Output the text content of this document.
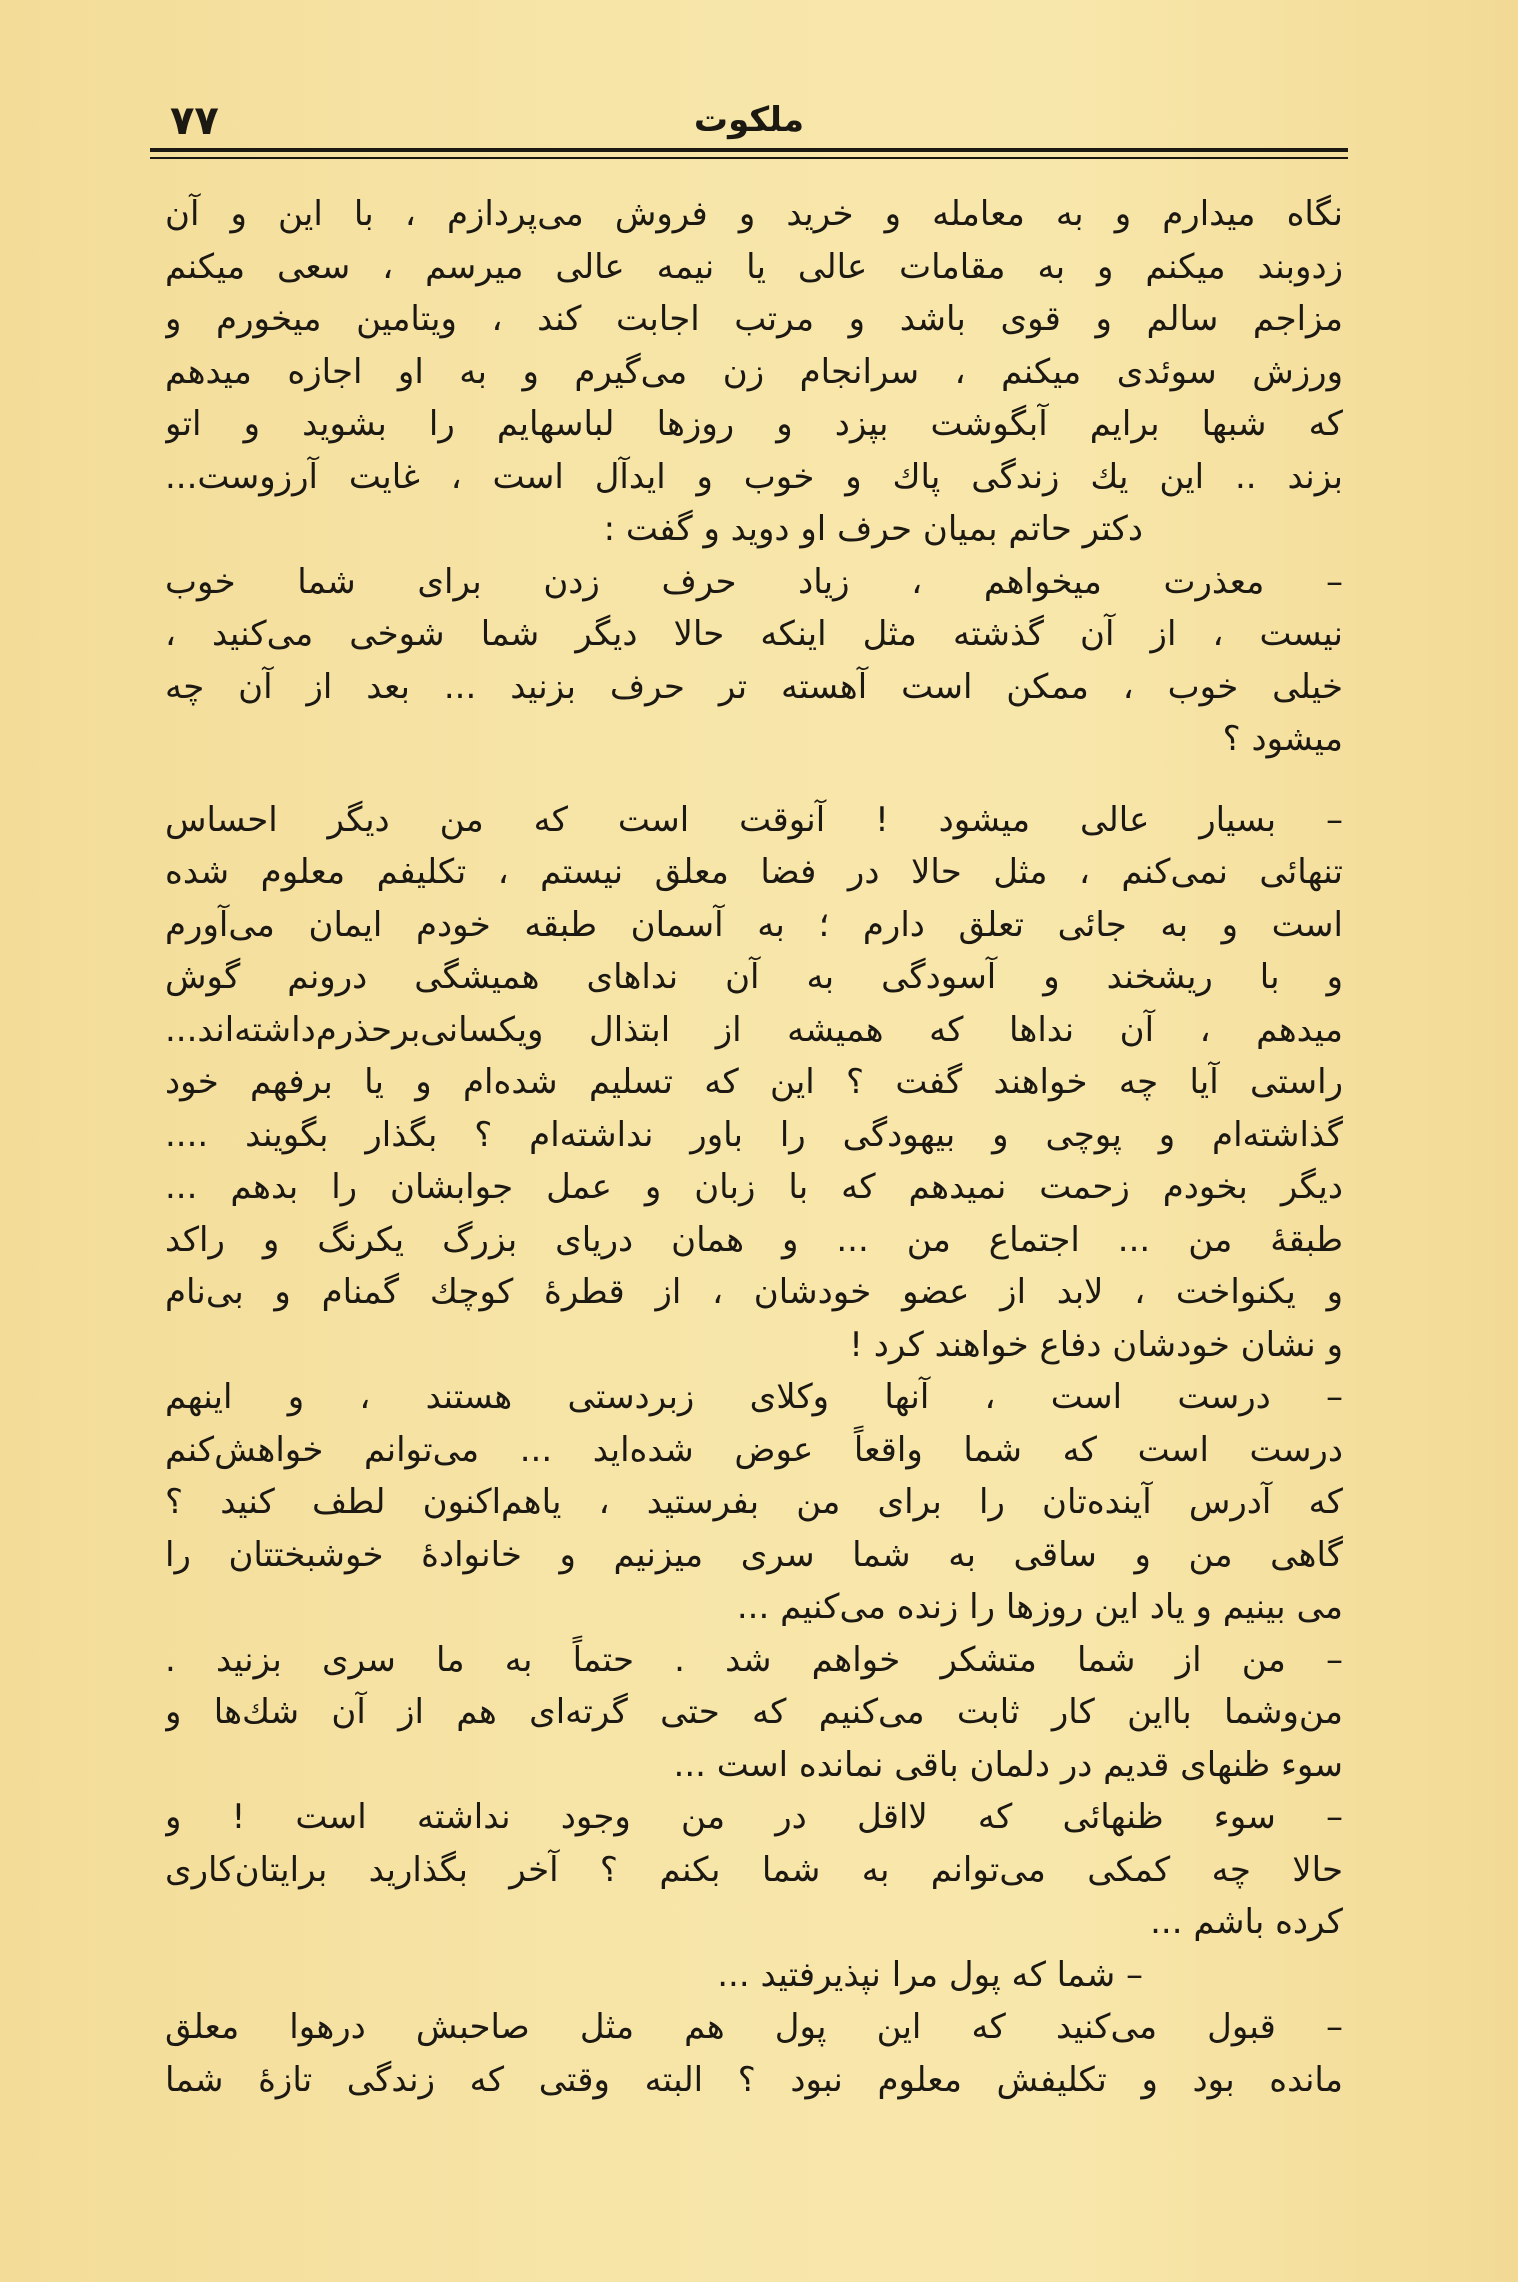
ملکوت
۷۷
نگاه میدارم و به معامله و خرید و فروش می‌پردازم ، با این و آن
زدوبند میکنم و به مقامات عالی یا نیمه عالی میرسم ، سعی میکنم
مزاجم سالم و قوی باشد و مرتب اجابت کند ، ویتامین میخورم و
ورزش سوئدی میکنم ، سرانجام زن می‌گیرم و به او اجازه میدهم
که شبها برایم آبگوشت بپزد و روزها لباسهایم را بشوید و اتو
بزند .. این یك زندگی پاك و خوب و ایدآل است ، غایت آرزوست...
دکتر حاتم بمیان حرف او دوید و گفت :
– معذرت میخواهم ، زیاد حرف زدن برای شما خوب
نیست ، از آن گذشته مثل اینکه حالا دیگر شما شوخی می‌کنید ،
خیلی خوب ، ممکن است آهسته تر حرف بزنید ... بعد از آن چه
میشود ؟
– بسیار عالی میشود ! آنوقت است که من دیگر احساس
تنهائی نمی‌کنم ، مثل حالا در فضا معلق نیستم ، تکلیفم معلوم شده
است و به جائی تعلق دارم ؛ به آسمان طبقه خودم ایمان می‌آورم
و با ریشخند و آسودگی به آن نداهای همیشگی درونم گوش
میدهم ، آن نداها که همیشه از ابتذال ویکسانی‌برحذرم‌داشته‌اند...
راستی آیا چه خواهند گفت ؟ این که تسلیم شده‌ام و یا برفهم خود
گذاشته‌ام و پوچی و بیهودگی را باور نداشته‌ام ؟ بگذار بگویند ....
دیگر بخودم زحمت نمیدهم که با زبان و عمل جوابشان را بدهم ...
طبقهٔ من ... اجتماع من ... و همان دریای بزرگ یکرنگ و راکد
و یکنواخت ، لابد از عضو خودشان ، از قطرهٔ کوچك گمنام و بی‌نام
و نشان خودشان دفاع خواهند کرد !
– درست است ، آنها وکلای زبردستی هستند ، و اینهم
درست است که شما واقعاً عوض شده‌اید ... می‌توانم خواهش‌کنم
که آدرس آینده‌تان را برای من بفرستید ، یاهم‌اکنون لطف کنید ؟
گاهی من و ساقی به شما سری میزنیم و خانوادهٔ خوشبختتان را
می بینیم و یاد این روزها را زنده می‌کنیم ...
– من از شما متشکر خواهم شد . حتماً به ما سری بزنید .
من‌وشما بااین کار ثابت می‌کنیم که حتی گرته‌ای هم از آن شك‌ها و
سوء ظنهای قدیم در دلمان باقی نمانده است ...
– سوء ظنهائی که لااقل در من وجود نداشته است ! و
حالا چه کمکی می‌توانم به شما بکنم ؟ آخر بگذارید برایتان‌کاری
کرده باشم ...
– شما که پول مرا نپذیرفتید ...
– قبول می‌کنید که این پول هم مثل صاحبش درهوا معلق
مانده بود و تکلیفش معلوم نبود ؟ البته وقتی که زندگی تازهٔ شما
